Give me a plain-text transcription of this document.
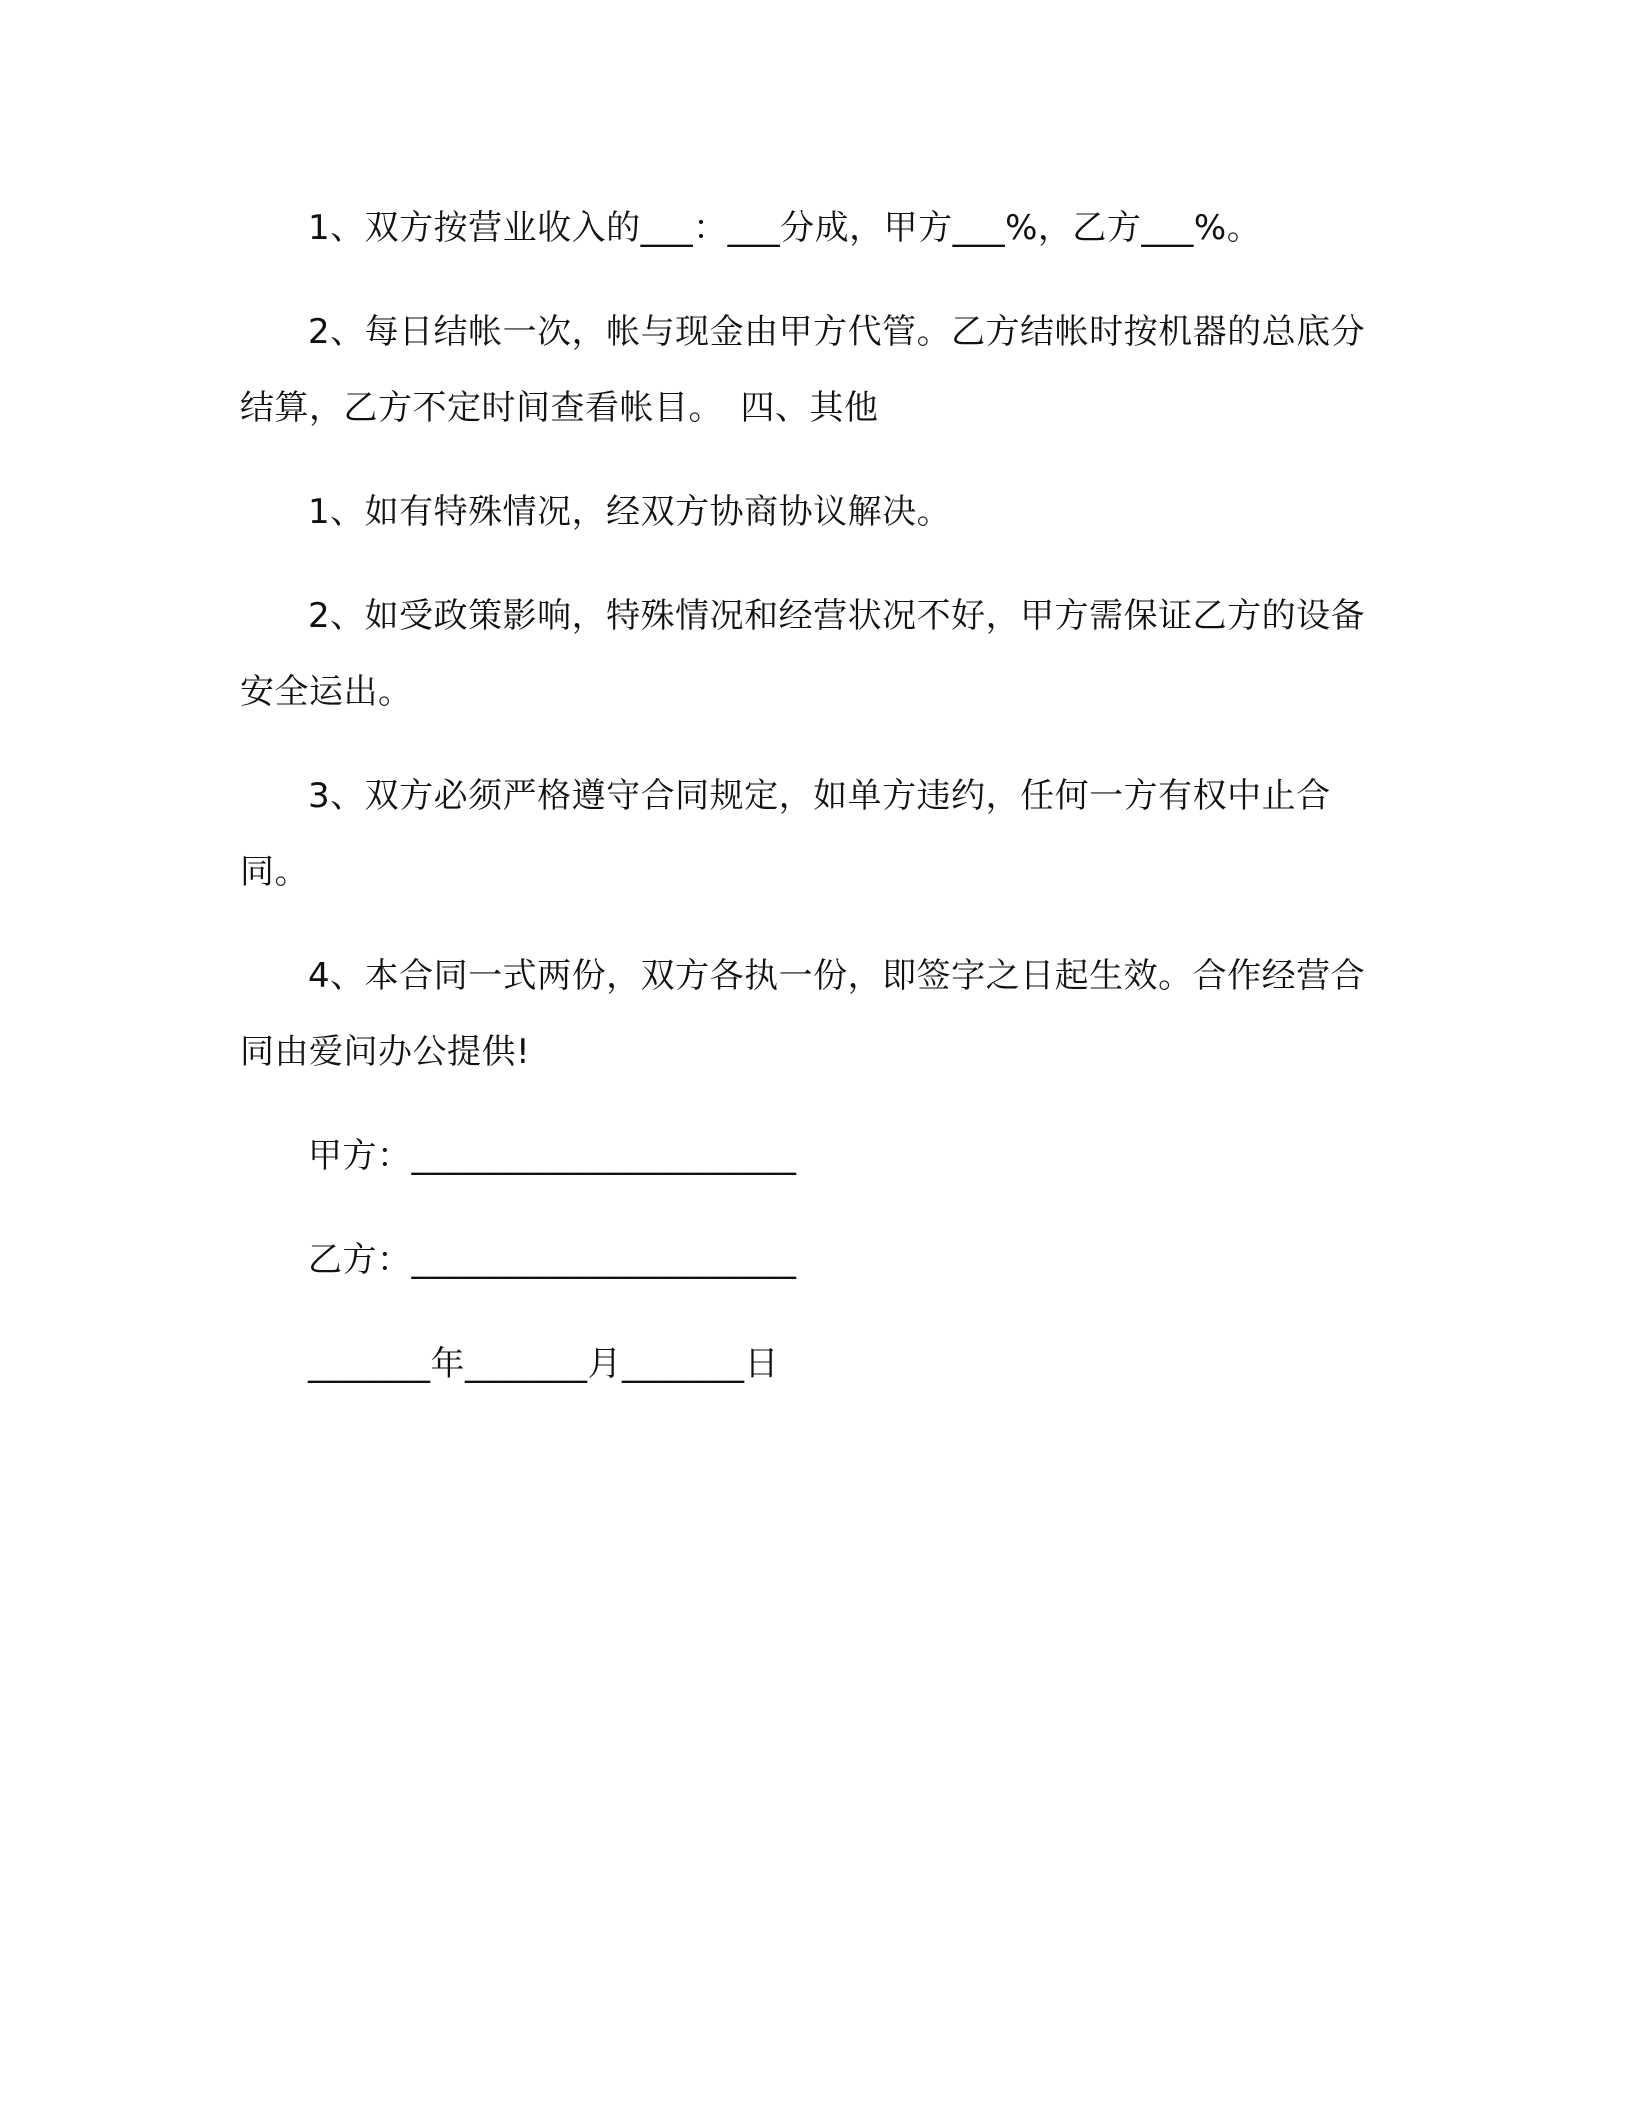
1、双方按营业收入的___：___分成，甲方___%，乙方___%。

2、每日结帐一次，帐与现金由甲方代管。乙方结帐时按机器的总底分结算，乙方不定时间查看帐目。　四、其他

1、如有特殊情况，经双方协商协议解决。

2、如受政策影响，特殊情况和经营状况不好，甲方需保证乙方的设备安全运出。

3、双方必须严格遵守合同规定，如单方违约，任何一方有权中止合同。

4、本合同一式两份，双方各执一份，即签字之日起生效。合作经营合同由爱问办公提供!

甲方：______________________

乙方：______________________

_______年_______月_______日
